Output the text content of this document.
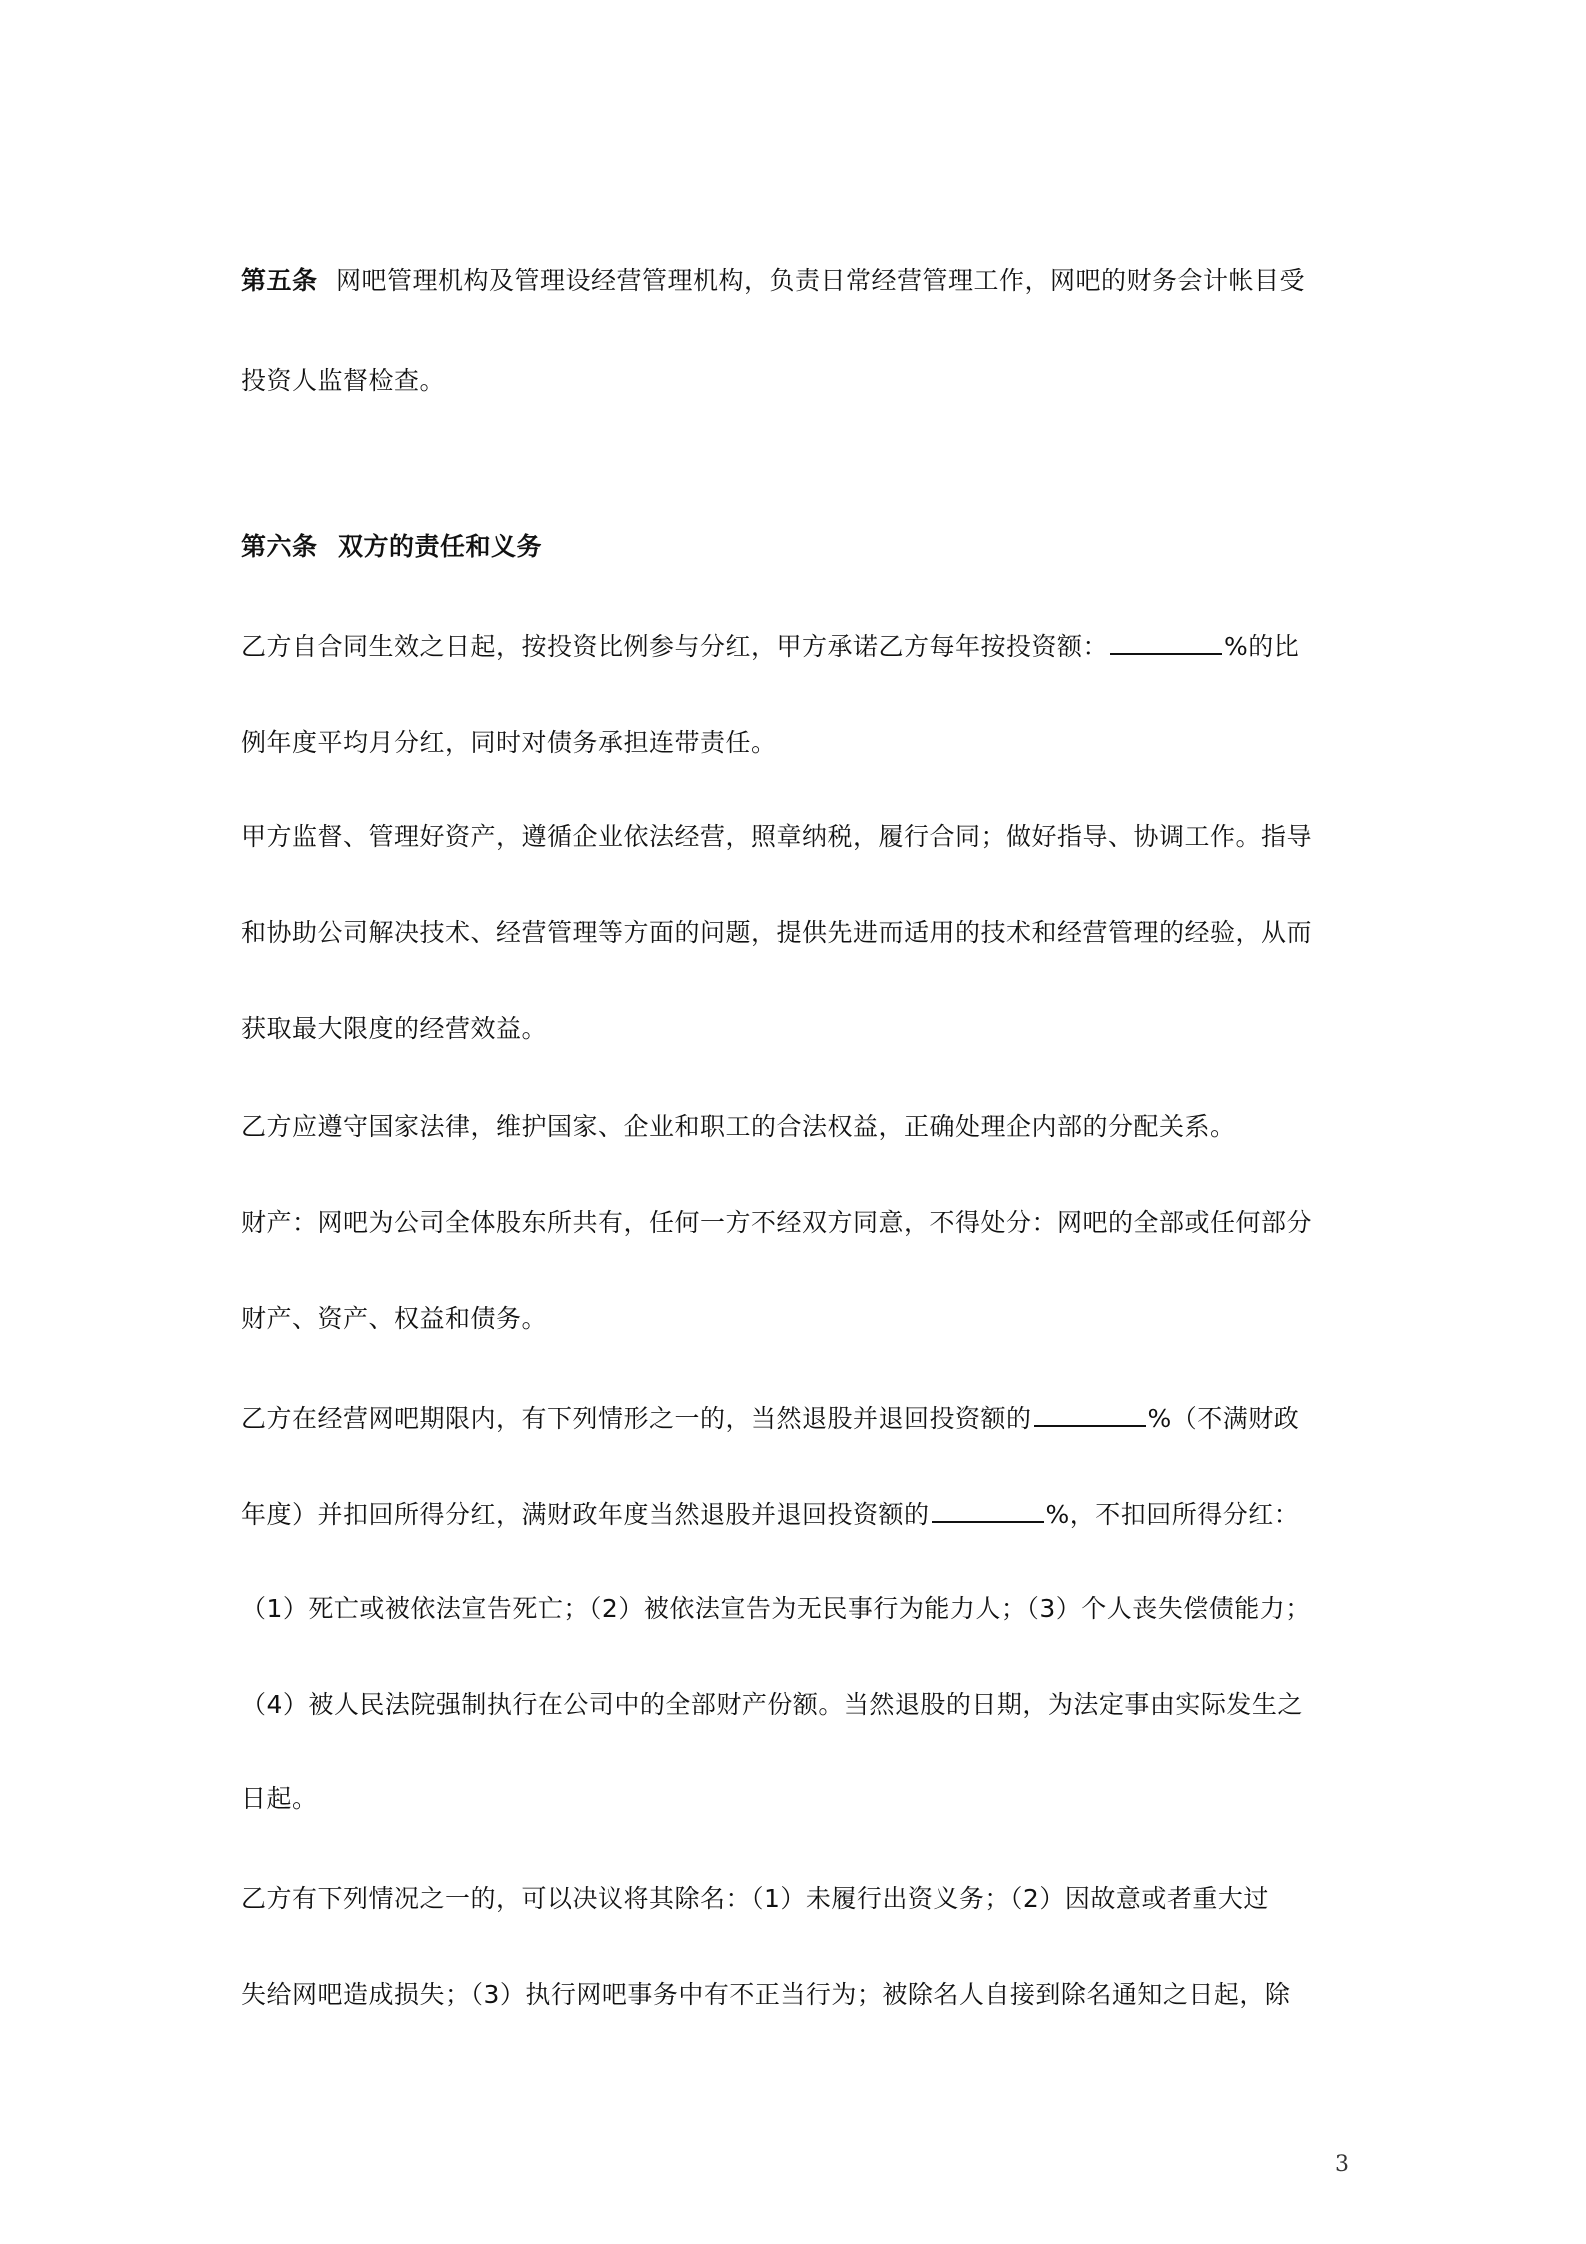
第五条 网吧管理机构及管理设经营管理机构，负责日常经营管理工作，网吧的财务会计帐目受
投资人监督检查。
第六条 双方的责任和义务
乙方自合同生效之日起，按投资比例参与分红，甲方承诺乙方每年按投资额：	%的比
例年度平均月分红，同时对债务承担连带责任。
甲方监督、管理好资产，遵循企业依法经营，照章纳税，履行合同；做好指导、协调工作。指导
和协助公司解决技术、经营管理等方面的问题，提供先进而适用的技术和经营管理的经验，从而
获取最大限度的经营效益。
乙方应遵守国家法律，维护国家、企业和职工的合法权益，正确处理企内部的分配关系。
财产：网吧为公司全体股东所共有，任何一方不经双方同意，不得处分：网吧的全部或任何部分
财产、资产、权益和债务。
乙方在经营网吧期限内，有下列情形之一的，当然退股并退回投资额的	%（不满财政
年度）并扣回所得分红，满财政年度当然退股并退回投资额的	%，不扣回所得分红：
（1）死亡或被依法宣告死亡；（2）被依法宣告为无民事行为能力人；（3）个人丧失偿债能力；
（4）被人民法院强制执行在公司中的全部财产份额。当然退股的日期，为法定事由实际发生之
日起。
乙方有下列情况之一的，可以决议将其除名：（1）未履行出资义务；（2）因故意或者重大过
失给网吧造成损失；（3）执行网吧事务中有不正当行为；被除名人自接到除名通知之日起，除
3
